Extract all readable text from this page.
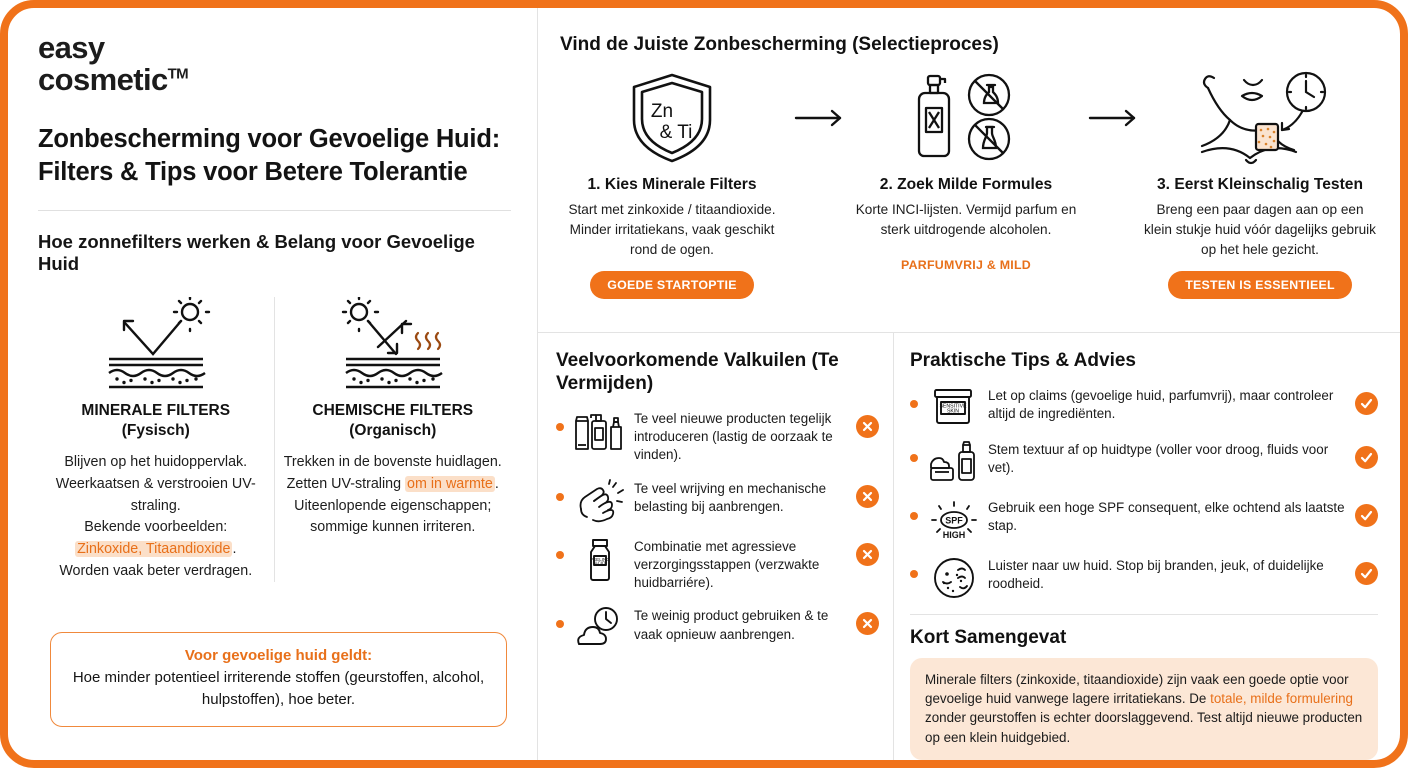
easy
cosmetic™
Zonbescherming voor Gevoelige Huid: Filters & Tips voor Betere Tolerantie
Hoe zonnefilters werken & Belang voor Gevoelige Huid
MINERALE FILTERS
(Fysisch)
Blijven op het huidoppervlak.
Weerkaatsen & verstrooien UV-straling.
Bekende voorbeelden:
Zinkoxide, Titaandioxide .
Worden vaak beter verdragen.
CHEMISCHE FILTERS
(Organisch)
Trekken in de bovenste huidlagen.
Zetten UV-straling om in warmte .
Uiteenlopende eigenschappen;
sommige kunnen irriteren.
Voor gevoelige huid geldt:
Hoe minder potentieel irriterende stoffen (geurstoffen, alcohol, hulpstoffen), hoe beter.
Vind de Juiste Zonbescherming (Selectieproces)
Zn
& Ti
1. Kies Minerale Filters
Start met zinkoxide / titaandioxide. Minder irritatiekans, vaak geschikt rond de ogen.
GOEDE STARTOPTIE
2. Zoek Milde Formules
Korte INCI-lijsten. Vermijd parfum en sterk uitdrogende alcoholen.
PARFUMVRIJ & MILD
3. Eerst Kleinschalig Testen
Breng een paar dagen aan op een klein stukje huid vóór dagelijks gebruik op het hele gezicht.
TESTEN IS ESSENTIEEL
Veelvoorkomende Valkuilen (Te Vermijden)
Te veel nieuwe producten tegelijk introduceren (lastig de oorzaak te vinden).
Te veel wrijving en mechanische belasting bij aanbrengen.
PEELING
ACID
Combinatie met agressieve verzorgingsstappen (verzwakte huidbarriére).
Te weinig product gebruiken & te vaak opnieuw aanbrengen.
Praktische Tips & Advies
SENSITIVE
SKIN
Let op claims (gevoelige huid, parfumvrij), maar controleer altijd de ingrediënten.
Stem textuur af op huidtype (voller voor droog, fluids voor vet).
SPF
HIGH
Gebruik een hoge SPF consequent, elke ochtend als laatste stap.
Luister naar uw huid. Stop bij branden, jeuk, of duidelijke roodheid.
Kort Samengevat
Minerale filters (zinkoxide, titaandioxide) zijn vaak een goede optie voor gevoelige huid vanwege lagere irritatiekans. De totale, milde formulering zonder geurstoffen is echter doorslaggevend. Test altijd nieuwe producten op een klein huidgebied.
